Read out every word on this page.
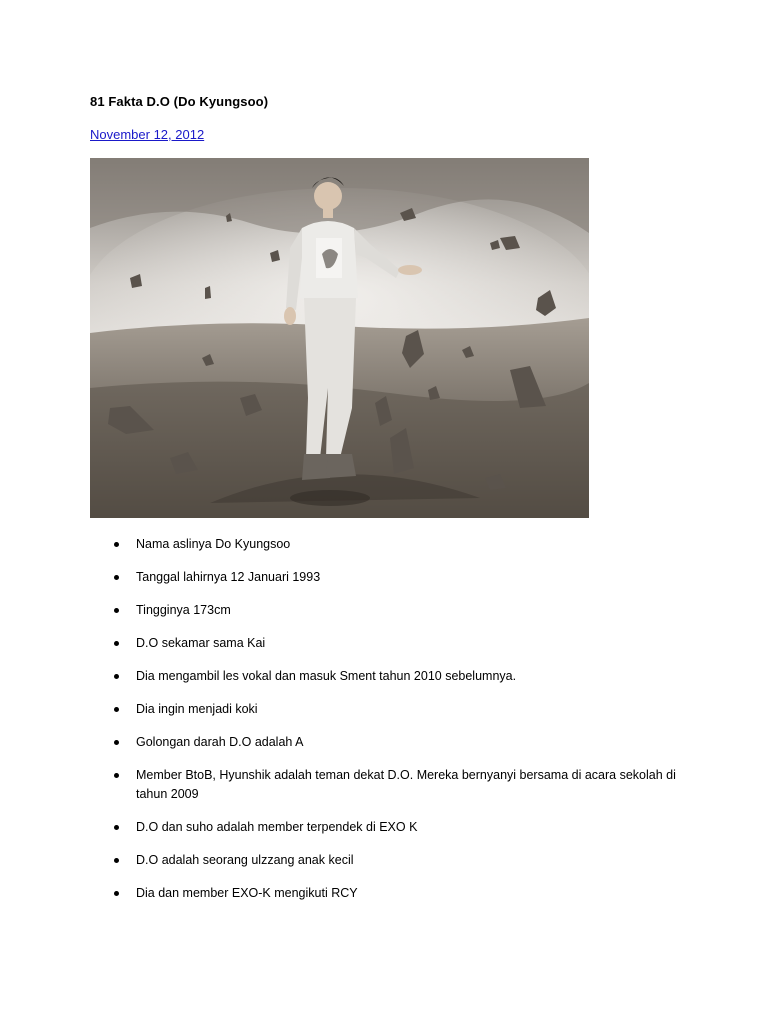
81 Fakta D.O (Do Kyungsoo)
November 12, 2012
Nama aslinya Do Kyungsoo
Tanggal lahirnya 12 Januari 1993
Tingginya 173cm
D.O sekamar sama Kai
Dia mengambil les vokal dan masuk Sment tahun 2010 sebelumnya.
Dia ingin menjadi koki
Golongan darah D.O adalah A
Member BtoB, Hyunshik adalah teman dekat D.O. Mereka bernyanyi bersama di acara sekolah di tahun 2009
D.O dan suho adalah member terpendek di EXO K
D.O adalah seorang ulzzang anak kecil
Dia dan member EXO-K mengikuti RCY
